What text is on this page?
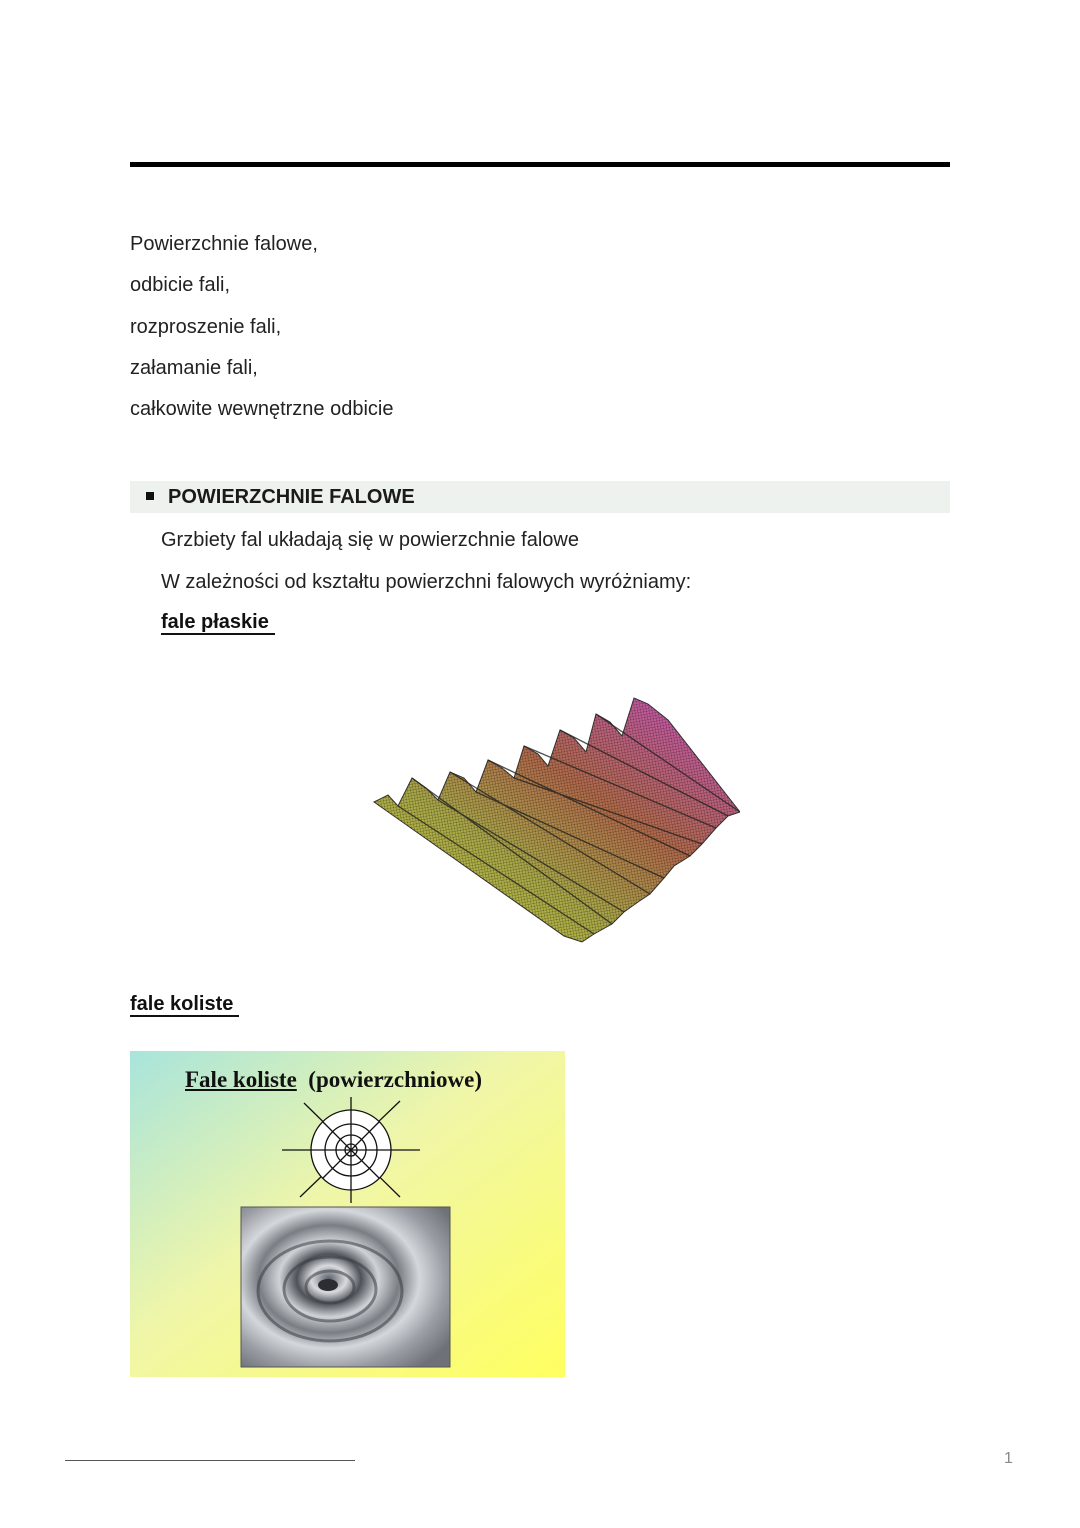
Powierzchnie falowe,
odbicie fali,
rozproszenie fali,
załamanie fali,
całkowite wewnętrzne odbicie
POWIERZCHNIE FALOWE
Grzbiety fal układają się w powierzchnie falowe
W zależności od kształtu powierzchni falowych wyróżniamy:
fale płaskie
fale koliste
Fale koliste (powierzchniowe)
1
